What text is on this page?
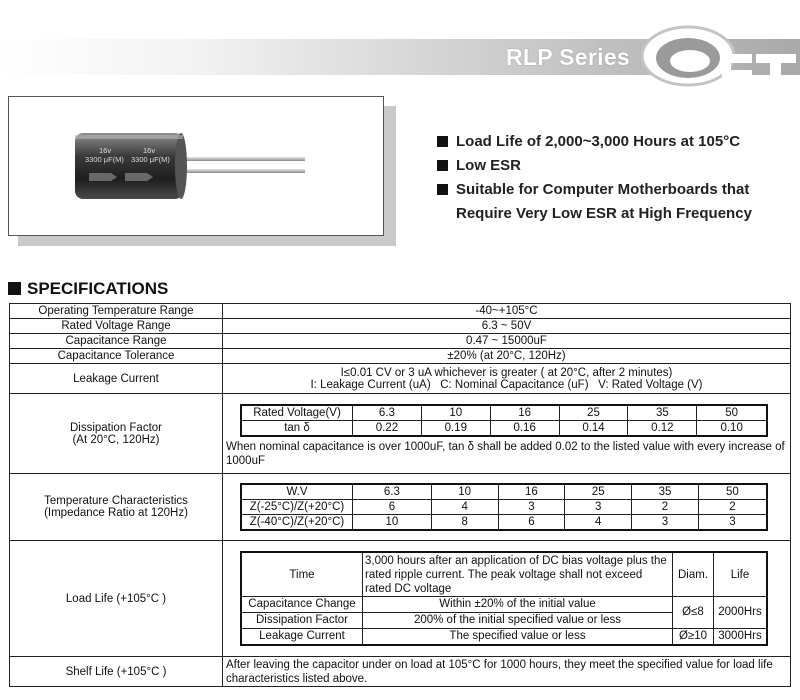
RLP Series
16v
3300 μF(M)
16v
3300 μF(M)
Load Life of 2,000~3,000 Hours at 105°C
Low ESR
Suitable for Computer Motherboards that
Require Very Low ESR at High Frequency
SPECIFICATIONS
Operating Temperature Range	-40~+105°C
Rated Voltage Range	6.3 ~ 50V
Capacitance Range	0.47 ~ 15000uF
Capacitance Tolerance	±20% (at 20°C, 120Hz)
Leakage Current	I≤0.01 CV or 3 uA whichever is greater ( at 20°C, after 2 minutes)
I: Leakage Current (uA)   C: Nominal Capacitance (uF)   V: Rated Voltage (V)

Dissipation Factor
(At 20°C, 120Hz)

Rated Voltage(V)	6.3	10	16	25	35	50
tan δ	0.22	0.19	0.16	0.14	0.12	0.10
When nominal capacitance is over 1000uF, tan δ shall be added 0.02 to the listed value with every increase of 1000uF

Temperature Characteristics
(Impedance Ratio at 120Hz)

W.V	6.3	10	16	25	35	50
Z(-25°C)/Z(+20°C)	6	4	3	3	2	2
Z(-40°C)/Z(+20°C)	10	8	6	4	3	3

Load Life (+105°C )	
Time	3,000 hours after an application of DC bias voltage plus the rated ripple current. The peak voltage shall not exceed rated DC voltage	Diam.	Life
Capacitance Change	Within ±20% of the initial value	Ø≤8	2000Hrs
Dissipation Factor	200% of the initial specified value or less
Leakage Current	The specified value or less	Ø≥10	3000Hrs

Shelf Life (+105°C )	After leaving the capacitor under on load at 105°C for 1000 hours, they meet the specified value for load life characteristics listed above.
